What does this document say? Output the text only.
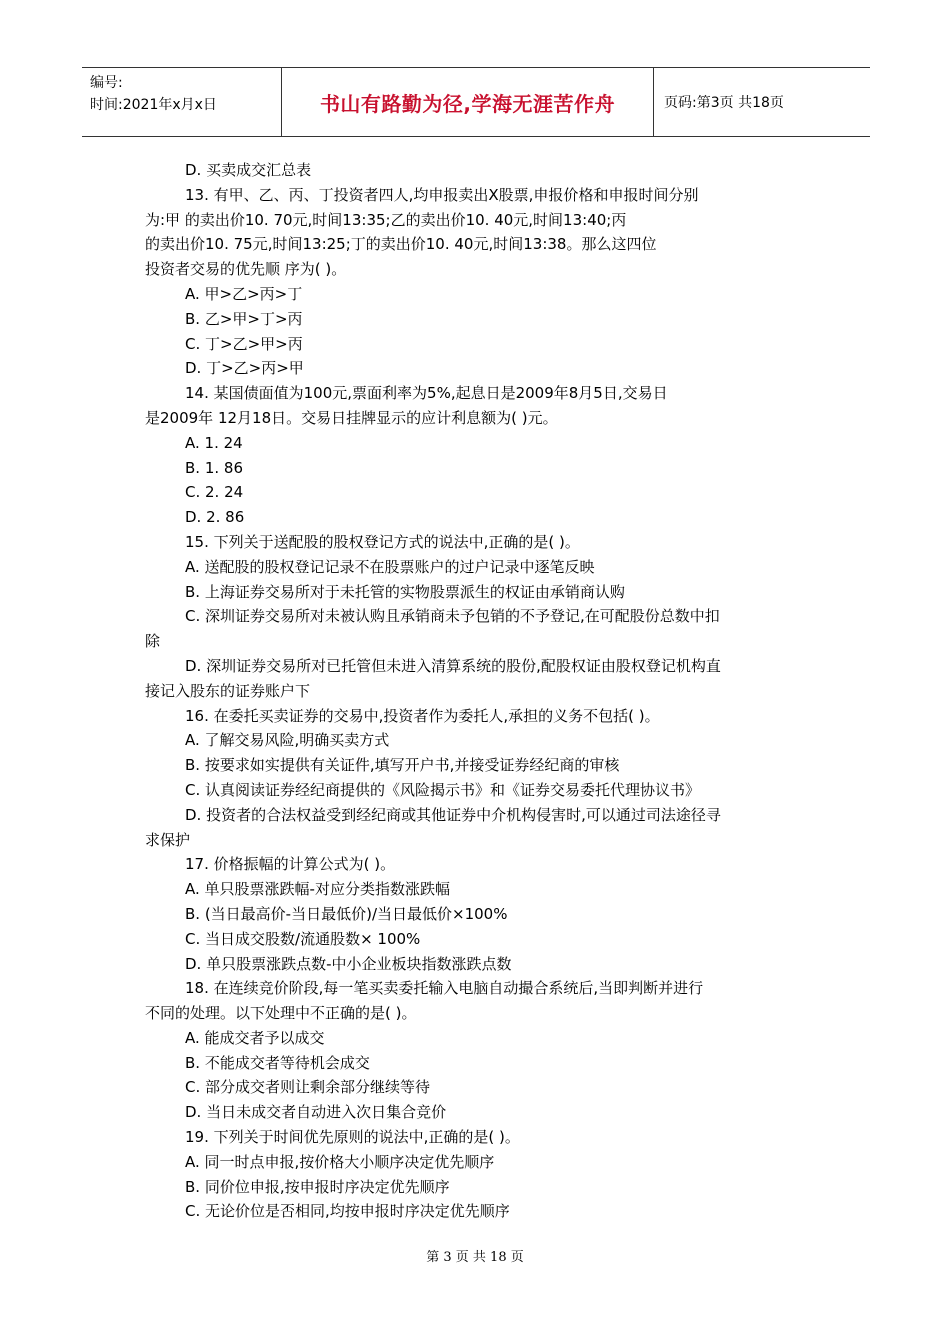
编号:
时间:2021年x月x日	书山有路勤为径,学海无涯苦作舟	页码:第3页 共18页
D. 买卖成交汇总表
13. 有甲、乙、丙、丁投资者四人,均申报卖出X股票,申报价格和申报时间分别
为:甲 的卖出价10. 70元,时间13:35;乙的卖出价10. 40元,时间13:40;丙
的卖出价10. 75元,时间13:25;丁的卖出价10. 40元,时间13:38。那么这四位
投资者交易的优先顺 序为( )。
A. 甲>乙>丙>丁
B. 乙>甲>丁>丙
C. 丁>乙>甲>丙
D. 丁>乙>丙>甲
14. 某国债面值为100元,票面利率为5%,起息日是2009年8月5日,交易日
是2009年 12月18日。交易日挂牌显示的应计利息额为( )元。
A. 1. 24
B. 1. 86
C. 2. 24
D. 2. 86
15. 下列关于送配股的股权登记方式的说法中,正确的是( )。
A. 送配股的股权登记记录不在股票账户的过户记录中逐笔反映
B. 上海证券交易所对于未托管的实物股票派生的权证由承销商认购
C. 深圳证券交易所对未被认购且承销商未予包销的不予登记,在可配股份总数中扣
除
D. 深圳证券交易所对已托管但未进入清算系统的股份,配股权证由股权登记机构直
接记入股东的证券账户下
16. 在委托买卖证券的交易中,投资者作为委托人,承担的义务不包括( )。
A. 了解交易风险,明确买卖方式
B. 按要求如实提供有关证件,填写开户书,并接受证券经纪商的审核
C. 认真阅读证券经纪商提供的《风险揭示书》和《证券交易委托代理协议书》
D. 投资者的合法权益受到经纪商或其他证券中介机构侵害时,可以通过司法途径寻
求保护
17. 价格振幅的计算公式为( )。
A. 单只股票涨跌幅-对应分类指数涨跌幅
B. (当日最高价-当日最低价)/当日最低价×100%
C. 当日成交股数/流通股数× 100%
D. 单只股票涨跌点数-中小企业板块指数涨跌点数
18. 在连续竞价阶段,每一笔买卖委托输入电脑自动撮合系统后,当即判断并进行
不同的处理。以下处理中不正确的是( )。
A. 能成交者予以成交
B. 不能成交者等待机会成交
C. 部分成交者则让剩余部分继续等待
D. 当日未成交者自动进入次日集合竞价
19. 下列关于时间优先原则的说法中,正确的是( )。
A. 同一时点申报,按价格大小顺序决定优先顺序
B. 同价位申报,按申报时序决定优先顺序
C. 无论价位是否相同,均按申报时序决定优先顺序
第 3 页 共 18 页
